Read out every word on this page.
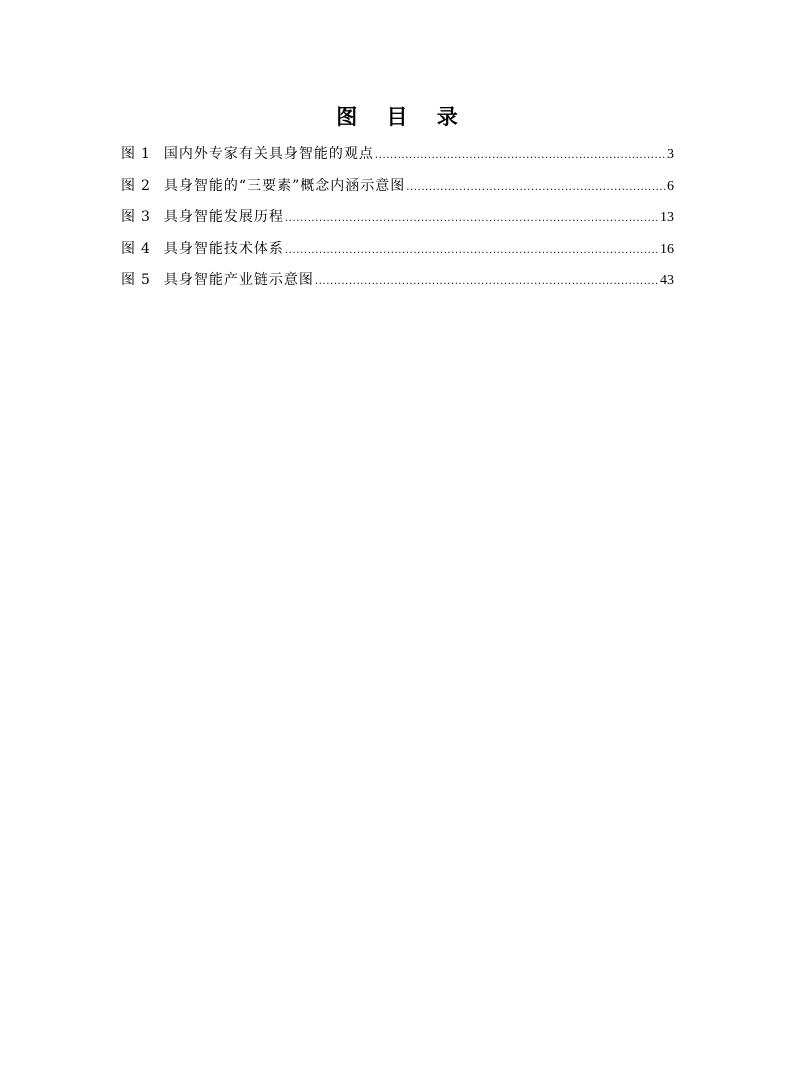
图 目 录
图 1 国内外专家有关具身智能的观点 .....	3
图 2 具身智能的“三要素”概念内涵示意图 .....	6
图 3 具身智能发展历程 .....	13
图 4 具身智能技术体系 .....	16
图 5 具身智能产业链示意图 .....	43
